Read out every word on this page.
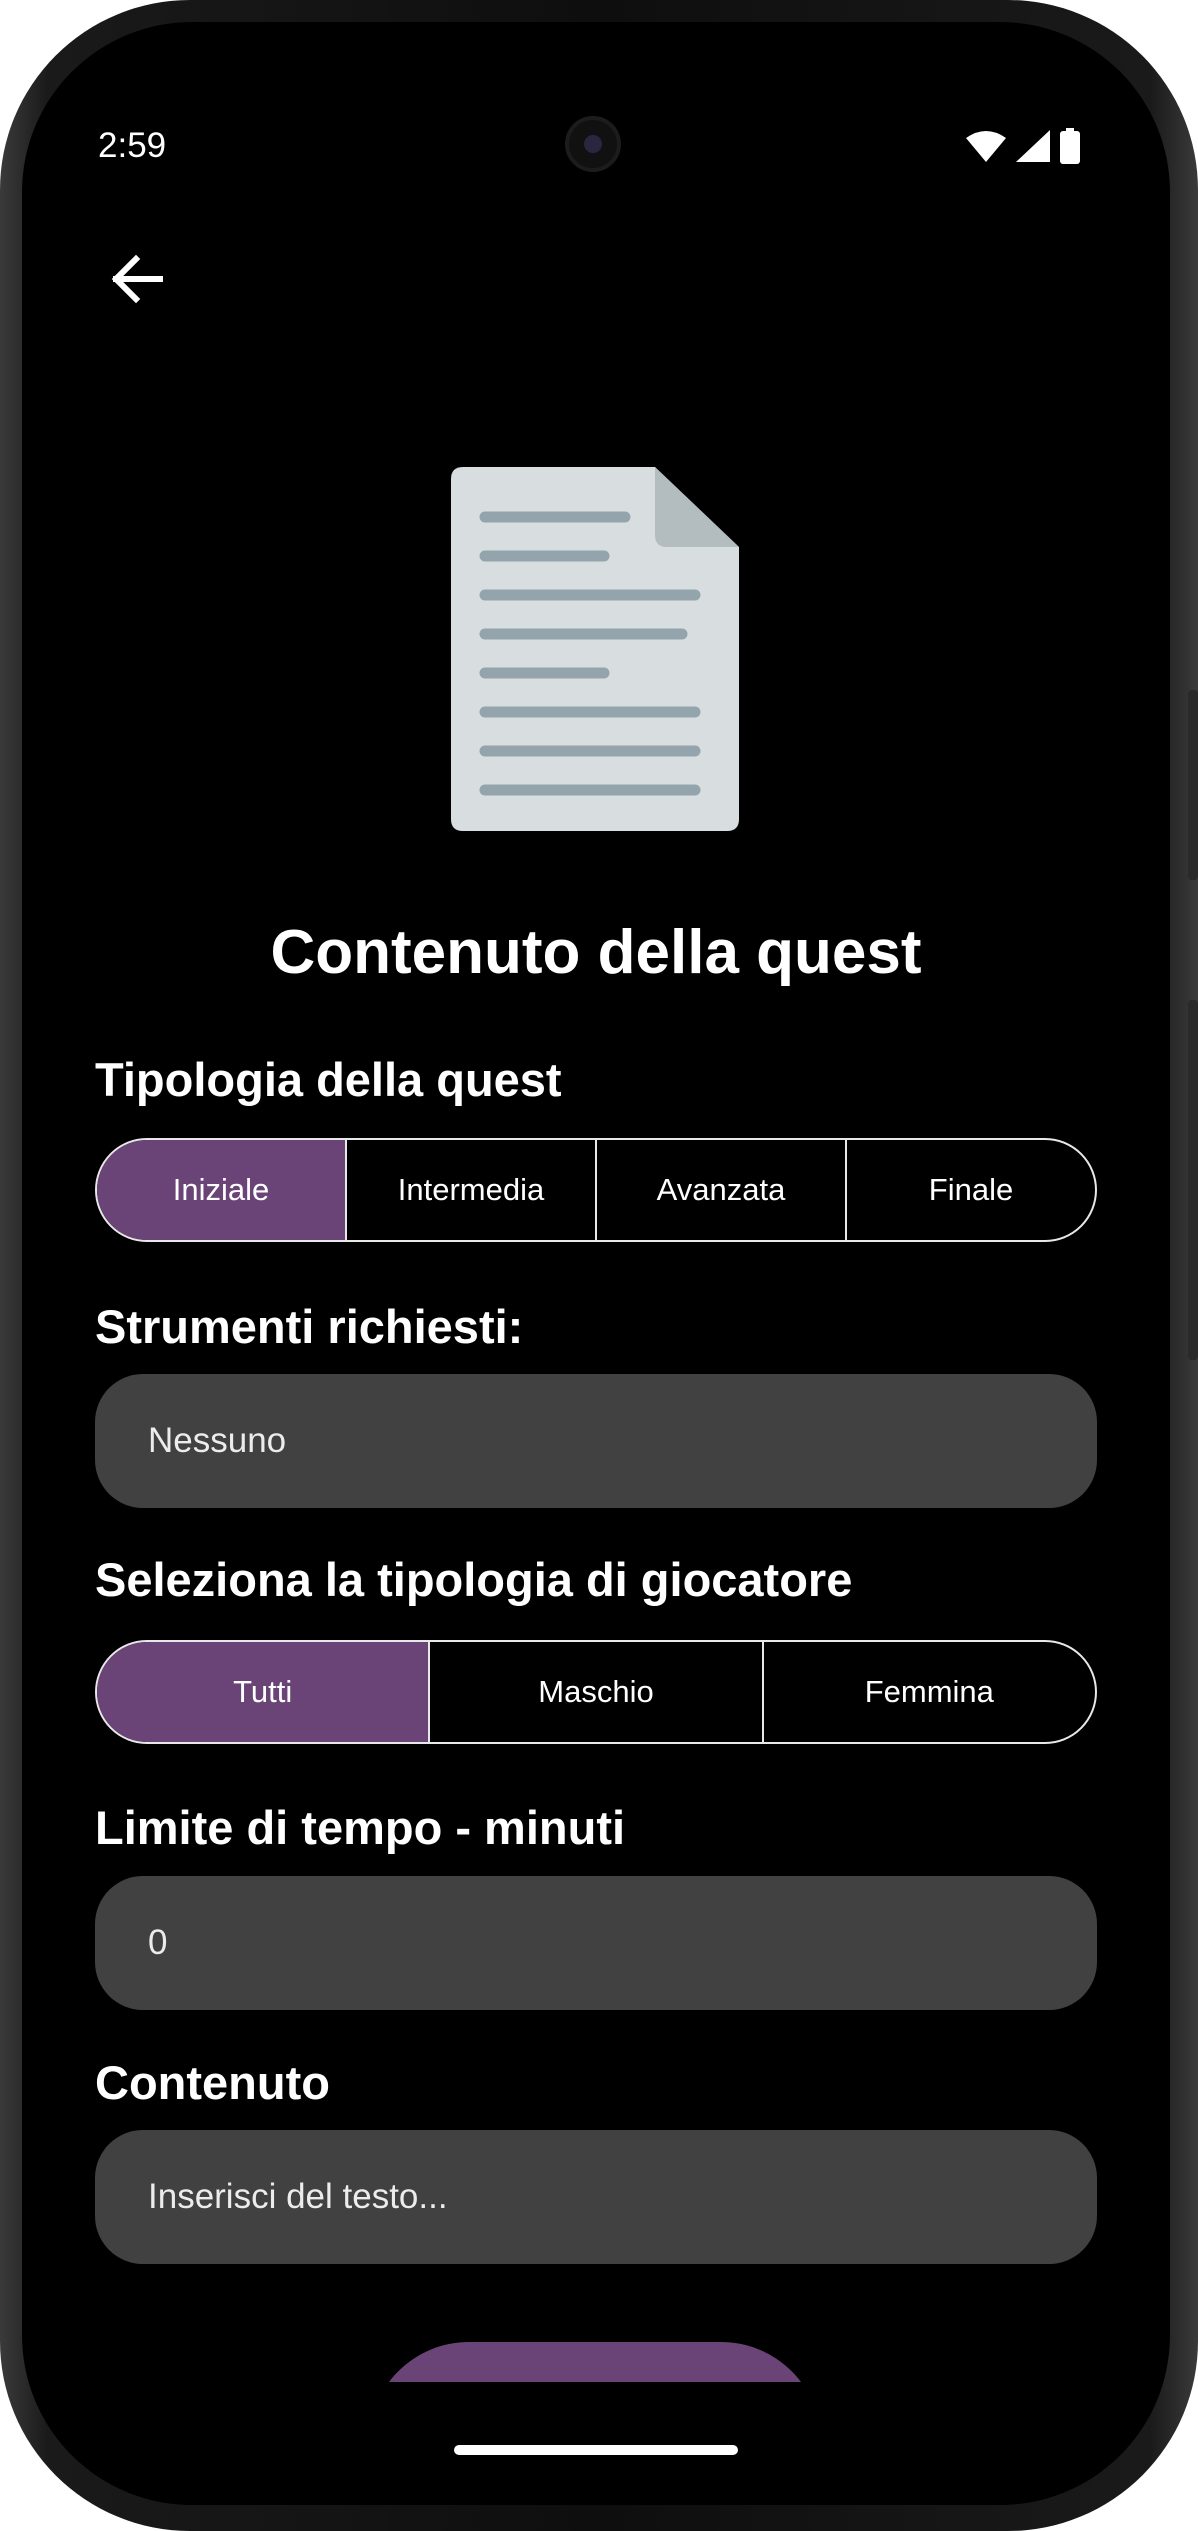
2:59
Contenuto della quest
Tipologia della quest
Iniziale	Intermedia	Avanzata	Finale
Strumenti richiesti:
Nessuno
Seleziona la tipologia di giocatore
Tutti	Maschio	Femmina
Limite di tempo - minuti
0
Contenuto
Inserisci del testo...
